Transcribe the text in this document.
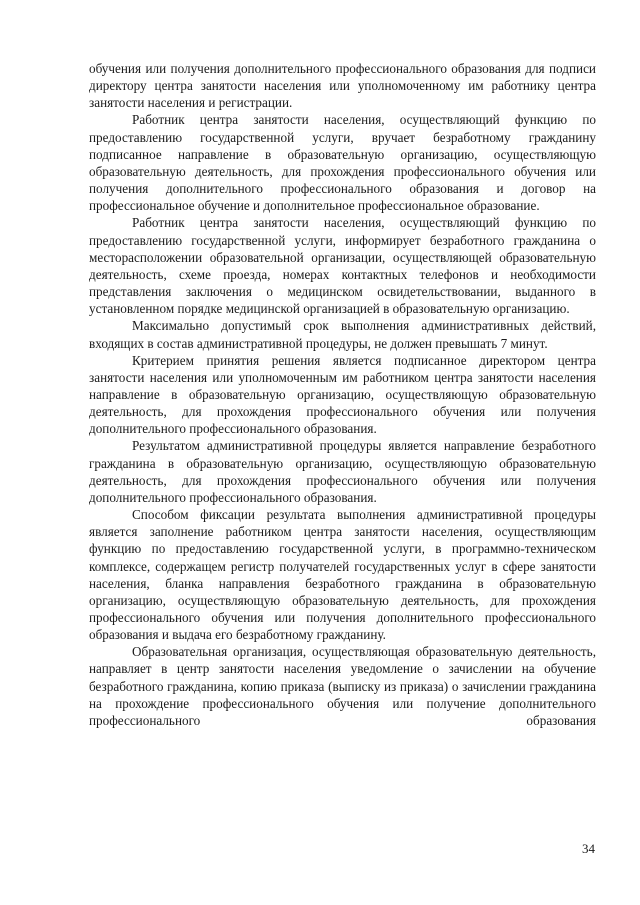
обучения или получения дополнительного профессионального образования для подписи директору центра занятости населения или уполномоченному им работнику центра занятости населения и регистрации.

Работник центра занятости населения, осуществляющий функцию по предоставлению государственной услуги, вручает безработному гражданину подписанное направление в образовательную организацию, осуществляющую образовательную деятельность, для прохождения профессионального обучения или получения дополнительного профессионального образования и договор на профессиональное обучение и дополнительное профессиональное образование.

Работник центра занятости населения, осуществляющий функцию по предоставлению государственной услуги, информирует безработного гражданина о месторасположении образовательной организации, осуществляющей образовательную деятельность, схеме проезда, номерах контактных телефонов и необходимости представления заключения о медицинском освидетельствовании, выданного в установленном порядке медицинской организацией в образовательную организацию.

Максимально допустимый срок выполнения административных действий, входящих в состав административной процедуры, не должен превышать 7 минут.

Критерием принятия решения является подписанное директором центра занятости населения или уполномоченным им работником центра занятости населения направление в образовательную организацию, осуществляющую образовательную деятельность, для прохождения профессионального обучения или получения дополнительного профессионального образования.

Результатом административной процедуры является направление безработного гражданина в образовательную организацию, осуществляющую образовательную деятельность, для прохождения профессионального обучения или получения дополнительного профессионального образования.

Способом фиксации результата выполнения административной процедуры является заполнение работником центра занятости населения, осуществляющим функцию по предоставлению государственной услуги, в программно-техническом комплексе, содержащем регистр получателей государственных услуг в сфере занятости населения, бланка направления безработного гражданина в образовательную организацию, осуществляющую образовательную деятельность, для прохождения профессионального обучения или получения дополнительного профессионального образования и выдача его безработному гражданину.

Образовательная организация, осуществляющая образовательную деятельность, направляет в центр занятости населения уведомление о зачислении на обучение безработного гражданина, копию приказа (выписку из приказа) о зачислении гражданина на прохождение профессионального обучения или получение дополнительного профессионального образования

34
